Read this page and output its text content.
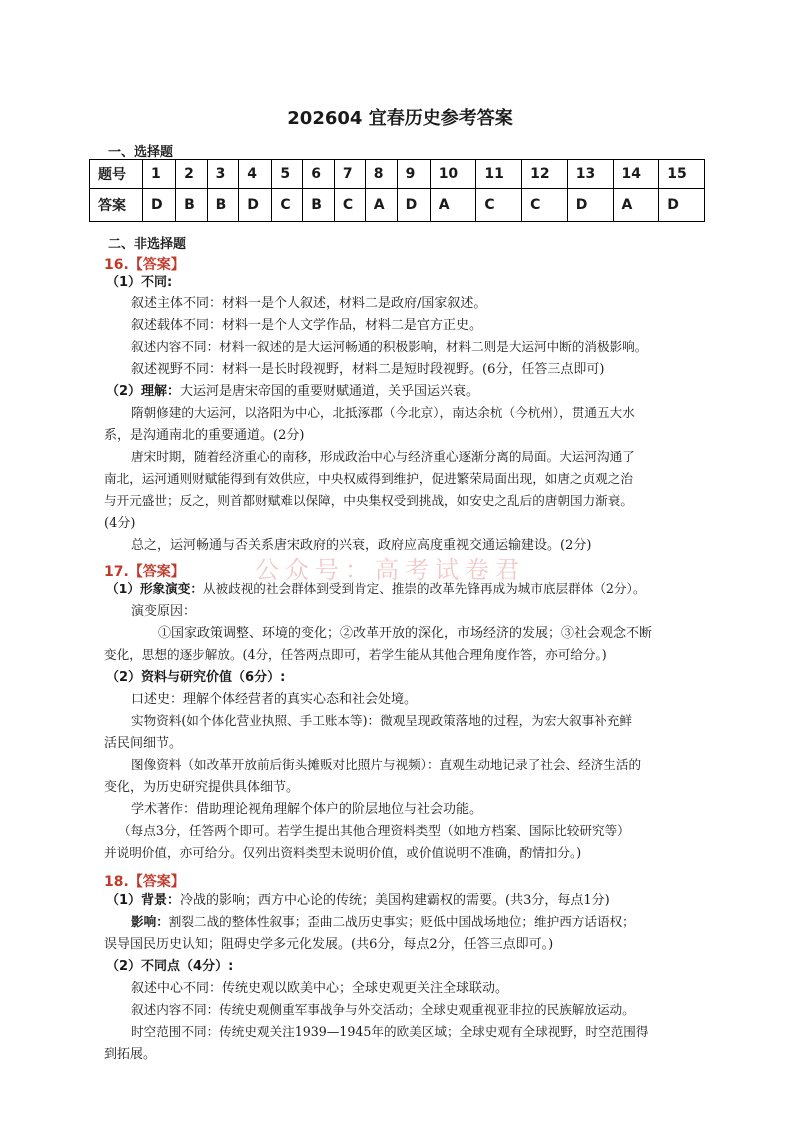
202604 宜春历史参考答案
一、选择题
题号	1	2	3	4	5	6	7	8	9	10	11	12	13	14	15
答案	D	B	B	D	C	B	C	A	D	A	C	C	D	A	D
二、非选择题
公众号：高考试卷君
16.【答案】
（1）不同:
叙述主体不同：材料一是个人叙述，材料二是政府/国家叙述。
叙述载体不同：材料一是个人文学作品，材料二是官方正史。
叙述内容不同：材料一叙述的是大运河畅通的积极影响，材料二则是大运河中断的消极影响。
叙述视野不同：材料一是长时段视野，材料二是短时段视野。(6分，任答三点即可)
（2）理解：大运河是唐宋帝国的重要财赋通道，关乎国运兴衰。
隋朝修建的大运河，以洛阳为中心，北抵涿郡（今北京），南达余杭（今杭州），贯通五大水
系，是沟通南北的重要通道。(2分)
唐宋时期，随着经济重心的南移，形成政治中心与经济重心逐渐分离的局面。大运河沟通了
南北，运河通则财赋能得到有效供应，中央权威得到维护，促进繁荣局面出现，如唐之贞观之治
与开元盛世；反之，则首都财赋难以保障，中央集权受到挑战，如安史之乱后的唐朝国力渐衰。
(4分)
总之，运河畅通与否关系唐宋政府的兴衰，政府应高度重视交通运输建设。(2分)
17.【答案】
（1）形象演变：从被歧视的社会群体到受到肯定、推崇的改革先锋再成为城市底层群体（2分）。
演变原因：
①国家政策调整、环境的变化；②改革开放的深化，市场经济的发展；③社会观念不断
变化，思想的逐步解放。(4分，任答两点即可，若学生能从其他合理角度作答，亦可给分。)
（2）资料与研究价值（6分）:
口述史：理解个体经营者的真实心态和社会处境。
实物资料(如个体化营业执照、手工账本等)：微观呈现政策落地的过程，为宏大叙事补充鲜
活民间细节。
图像资料（如改革开放前后街头摊贩对比照片与视频）：直观生动地记录了社会、经济生活的
变化，为历史研究提供具体细节。
学术著作：借助理论视角理解个体户的阶层地位与社会功能。
（每点3分，任答两个即可。若学生提出其他合理资料类型（如地方档案、国际比较研究等）
并说明价值，亦可给分。仅列出资料类型未说明价值，或价值说明不准确，酌情扣分。)
18.【答案】
（1）背景：冷战的影响；西方中心论的传统；美国构建霸权的需要。(共3分，每点1分)
影响：割裂二战的整体性叙事；歪曲二战历史事实；贬低中国战场地位；维护西方话语权；
误导国民历史认知；阻碍史学多元化发展。(共6分，每点2分，任答三点即可。)
（2）不同点（4分）:
叙述中心不同：传统史观以欧美中心；全球史观更关注全球联动。
叙述内容不同：传统史观侧重军事战争与外交活动；全球史观重视亚非拉的民族解放运动。
时空范围不同：传统史观关注1939—1945年的欧美区域；全球史观有全球视野，时空范围得
到拓展。
